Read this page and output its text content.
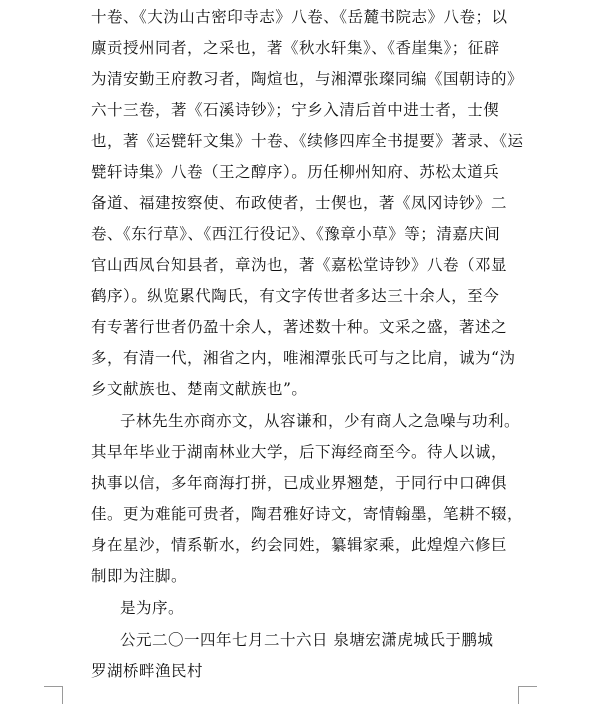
十卷、《大沩山古密印寺志》八卷、《岳麓书院志》八卷；以
廪贡授州同者，之采也，著《秋水轩集》、《香崖集》；征辟
为清安勤王府教习者，陶煊也，与湘潭张璨同编《国朝诗的》
六十三卷，著《石溪诗钞》；宁乡入清后首中进士者，士偰
也，著《运甓轩文集》十卷、《续修四库全书提要》著录、《运
甓轩诗集》八卷（王之醇序）。历任柳州知府、苏松太道兵
备道、福建按察使、布政使者，士偰也，著《凤冈诗钞》二
卷、《东行草》、《西江行役记》、《豫章小草》等；清嘉庆间
官山西凤台知县者，章沩也，著《嘉松堂诗钞》八卷（邓显
鹤序）。纵览累代陶氏，有文字传世者多达三十余人，至今
有专著行世者仍盈十余人，著述数十种。文采之盛，著述之
多，有清一代，湘省之内，唯湘潭张氏可与之比肩，诚为“沩
乡文献族也、楚南文献族也”。
子林先生亦商亦文，从容谦和，少有商人之急噪与功利。
其早年毕业于湖南林业大学，后下海经商至今。待人以诚，
执事以信，多年商海打拼，已成业界翘楚，于同行中口碑俱
佳。更为难能可贵者，陶君雅好诗文，寄情翰墨，笔耕不辍，
身在星沙，情系靳水，约会同姓，纂辑家乘，此煌煌六修巨
制即为注脚。
是为序。
公元二〇一四年七月二十六日 泉塘宏潇虎城氏于鹏城
罗湖桥畔渔民村
